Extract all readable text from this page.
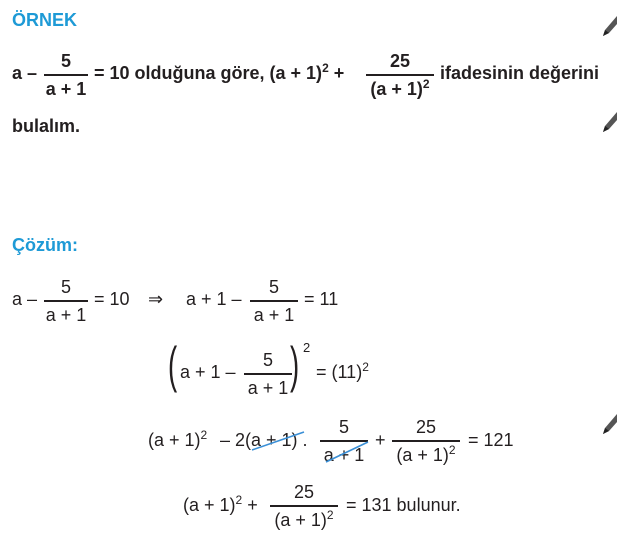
ÖRNEK
a –
5
a + 1
= 10 olduğuna göre, $(a + 1)^2$ +
25
$(a + 1)^2$
ifadesinin değerini
bulalım.
Çözüm:
a –
5
a + 1
= 10 ⇒ a + 1 –
5
a + 1
= 11
( a + 1 –
5
a + 1 ) 2
= $(11)^2$
$(a + 1)^2 - 2(a + 1)$ .
5
a + 1
+
25
$(a + 1)^2 = 121$
$(a + 1)^2$ +
25
$(a + 1)^2 = 131$ bulunur.
